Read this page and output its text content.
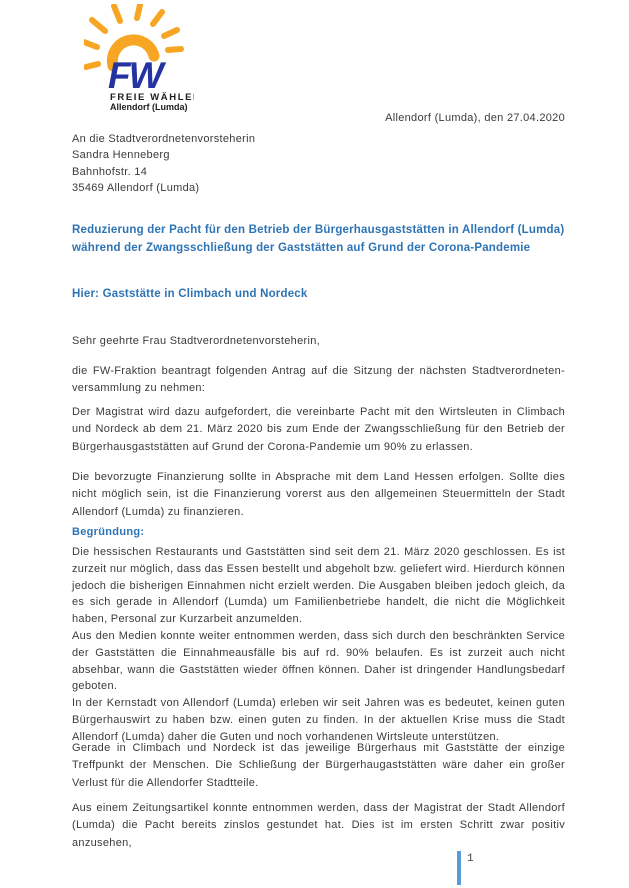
FW
FREIE WÄHLER
Allendorf (Lumda)
Allendorf (Lumda), den 27.04.2020
An die Stadtverordnetenvorsteherin
Sandra Henneberg
Bahnhofstr. 14
35469 Allendorf (Lumda)
Reduzierung der Pacht für den Betrieb der Bürgerhausgaststätten in Allendorf (Lumda) während der Zwangsschließung der Gaststätten auf Grund der Corona-Pandemie
Hier: Gaststätte in Climbach und Nordeck
Sehr geehrte Frau Stadtverordnetenvorsteherin,
die FW-Fraktion beantragt folgenden Antrag auf die Sitzung der nächsten Stadtverordneten-versammlung zu nehmen:
Der Magistrat wird dazu aufgefordert, die vereinbarte Pacht mit den Wirtsleuten in Climbach und Nordeck ab dem 21. März 2020 bis zum Ende der Zwangsschließung für den Betrieb der Bürgerhausgaststätten auf Grund der Corona-Pandemie um 90% zu erlassen.
Die bevorzugte Finanzierung sollte in Absprache mit dem Land Hessen erfolgen. Sollte dies nicht möglich sein, ist die Finanzierung vorerst aus den allgemeinen Steuermitteln der Stadt Allendorf (Lumda) zu finanzieren.
Begründung:

Die hessischen Restaurants und Gaststätten sind seit dem 21. März 2020 geschlossen. Es ist zurzeit nur möglich, dass das Essen bestellt und abgeholt bzw. geliefert wird. Hierdurch können jedoch die bisherigen Einnahmen nicht erzielt werden. Die Ausgaben bleiben jedoch gleich, da es sich gerade in Allendorf (Lumda) um Familienbetriebe handelt, die nicht die Möglichkeit haben, Personal zur Kurzarbeit anzumelden.

Aus den Medien konnte weiter entnommen werden, dass sich durch den beschränkten Service der Gaststätten die Einnahmeausfälle bis auf rd. 90% belaufen. Es ist zurzeit auch nicht absehbar, wann die Gaststätten wieder öffnen können. Daher ist dringender Handlungsbedarf geboten.

In der Kernstadt von Allendorf (Lumda) erleben wir seit Jahren was es bedeutet, keinen guten Bürgerhauswirt zu haben bzw. einen guten zu finden. In der aktuellen Krise muss die Stadt Allendorf (Lumda) daher die Guten und noch vorhandenen Wirtsleute unterstützen.

Gerade in Climbach und Nordeck ist das jeweilige Bürgerhaus mit Gaststätte der einzige Treffpunkt der Menschen. Die Schließung der Bürgerhaugaststätten wäre daher ein großer Verlust für die Allendorfer Stadtteile.
Aus einem Zeitungsartikel konnte entnommen werden, dass der Magistrat der Stadt Allendorf (Lumda) die Pacht bereits zinslos gestundet hat. Dies ist im ersten Schritt zwar positiv anzusehen,
1
